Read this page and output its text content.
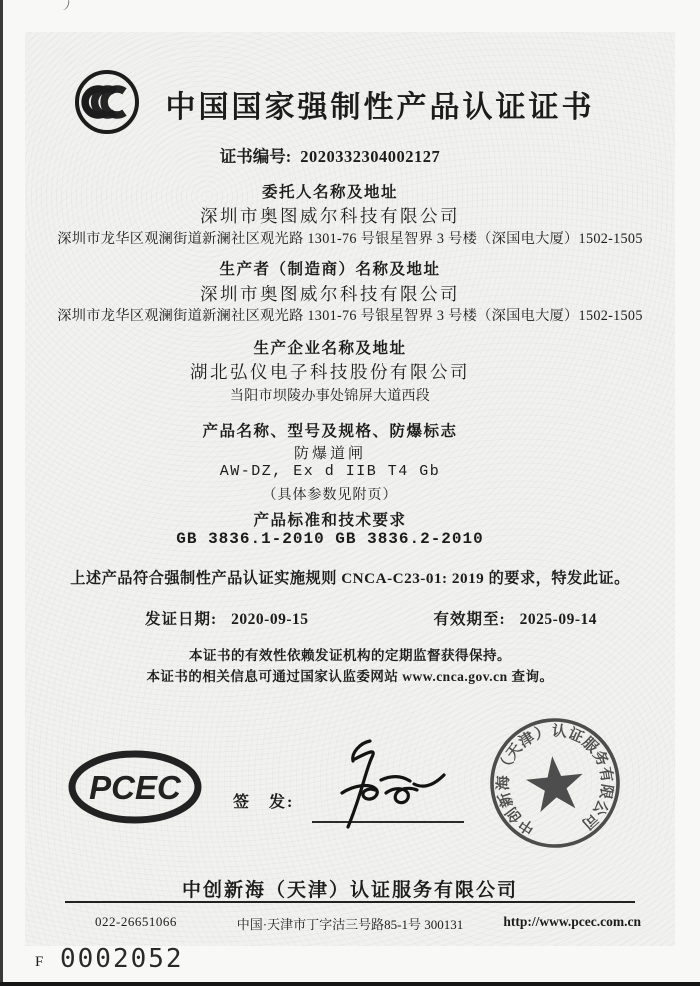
中国国家强制性产品认证证书
证书编号: 2020332304002127
委托人名称及地址
深圳市奥图威尔科技有限公司
深圳市龙华区观澜街道新澜社区观光路 1301-76 号银星智界 3 号楼（深国电大厦）1502-1505
生产者（制造商）名称及地址
深圳市奥图威尔科技有限公司
深圳市龙华区观澜街道新澜社区观光路 1301-76 号银星智界 3 号楼（深国电大厦）1502-1505
生产企业名称及地址
湖北弘仪电子科技股份有限公司
当阳市坝陵办事处锦屏大道西段
产品名称、型号及规格、防爆标志
防爆道闸
AW-DZ, Ex d IIB T4 Gb
（具体参数见附页）
产品标准和技术要求
GB 3836.1-2010 GB 3836.2-2010
上述产品符合强制性产品认证实施规则 CNCA-C23-01: 2019 的要求，特发此证。
发证日期: 2020-09-15	有效期至: 2025-09-14
本证书的有效性依赖发证机构的定期监督获得保持。
本证书的相关信息可通过国家认监委网站 www.cnca.gov.cn 查询。
PCEC	签　发:
中创新海（天津）认证服务有限公司
中创新海（天津）认证服务有限公司
022-26651066	中国·天津市丁字沽三号路85-1号 300131	http://www.pcec.com.cn
F 0002052
